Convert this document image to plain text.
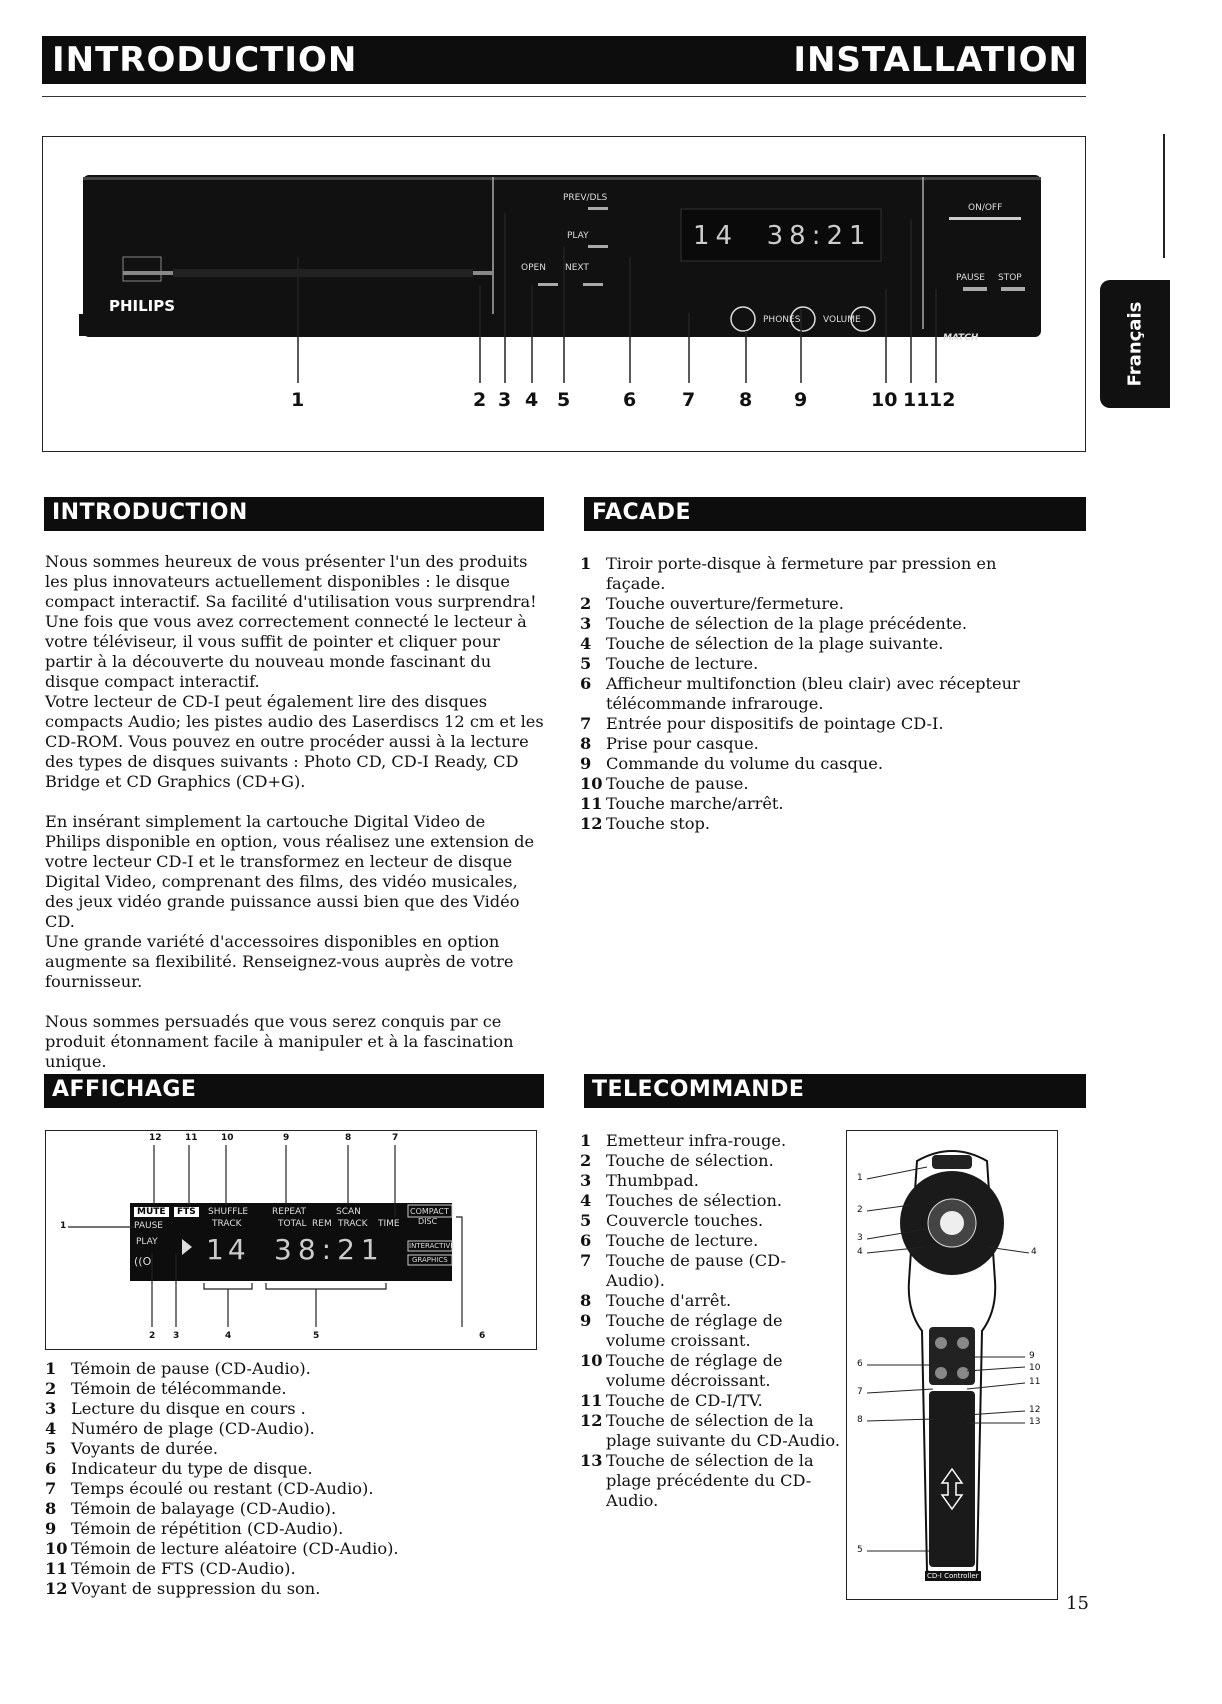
INTRODUCTION	INSTALLATION
Français
PHILIPS
OPEN NEXT
PREV/DLS
PLAY
PAUSE STOP
ON/OFF
PHONES	VOLUME
MATCH
14  38:21
1	2 3 4 5	6 7 8 9	10 11 12
INTRODUCTION

Nous sommes heureux de vous présenter l'un des produits les plus innovateurs actuellement disponibles : le disque compact interactif. Sa facilité d'utilisation vous surprendra! Une fois que vous avez correctement connecté le lecteur à votre téléviseur, il vous suffit de pointer et cliquer pour partir à la découverte du nouveau monde fascinant du disque compact interactif.

Votre lecteur de CD-I peut également lire des disques compacts Audio; les pistes audio des Laserdiscs 12 cm et les CD-ROM. Vous pouvez en outre procéder aussi à la lecture des types de disques suivants : Photo CD, CD-I Ready, CD Bridge et CD Graphics (CD+G).

En insérant simplement la cartouche Digital Video de Philips disponible en option, vous réalisez une extension de votre lecteur CD-I et le transformez en lecteur de disque Digital Video, comprenant des films, des vidéo musicales, des jeux vidéo grande puissance aussi bien que des Vidéo CD.

Une grande variété d'accessoires disponibles en option augmente sa flexibilité. Renseignez-vous auprès de votre fournisseur.

Nous sommes persuadés que vous serez conquis par ce produit étonnament facile à manipuler et à la fascination unique.

FACADE
1 Tiroir porte-disque à fermeture par pression en façade.
2 Touche ouverture/fermeture.
3 Touche de sélection de la plage précédente.
4 Touche de sélection de la plage suivante.
5 Touche de lecture.
6 Afficheur multifonction (bleu clair) avec récepteur télécommande infrarouge.
7 Entrée pour dispositifs de pointage CD-I.
8 Prise pour casque.
9 Commande du volume du casque.
10 Touche de pause.
11 Touche marche/arrêt.
12 Touche stop.
AFFICHAGE
MUTE	FTS	SHUFFLE	REPEAT	SCAN
TRACK	TOTAL REM TRACK TIME
COMPACT
DISC
INTERACTIVE
GRAPHICS
PAUSE
PLAY
((O 14 38:21
12	11	10	9	8	7
1
2 3	4	5	6
1 Témoin de pause (CD-Audio).
2 Témoin de télécommande.
3 Lecture du disque en cours .
4 Numéro de plage (CD-Audio).
5 Voyants de durée.
6 Indicateur du type de disque.
7 Temps écoulé ou restant (CD-Audio).
8 Témoin de balayage (CD-Audio).
9 Témoin de répétition (CD-Audio).
10 Témoin de lecture aléatoire (CD-Audio).
11 Témoin de FTS (CD-Audio).
12 Voyant de suppression du son.
TELECOMMANDE
1 Emetteur infra-rouge.
2 Touche de sélection.
3 Thumbpad.
4 Touches de sélection.
5 Couvercle touches.
6 Touche de lecture.
7 Touche de pause (CD-Audio).
8 Touche d'arrêt.
9 Touche de réglage de volume croissant.
10 Touche de réglage de volume décroissant.
11 Touche de CD-I/TV.
12 Touche de sélection de la plage suivante du CD-Audio.
13 Touche de sélection de la plage précédente du CD-Audio.
1
2
3
4
6
7
8
5
4
9
10
11
12
13
CD-I Controller
15
